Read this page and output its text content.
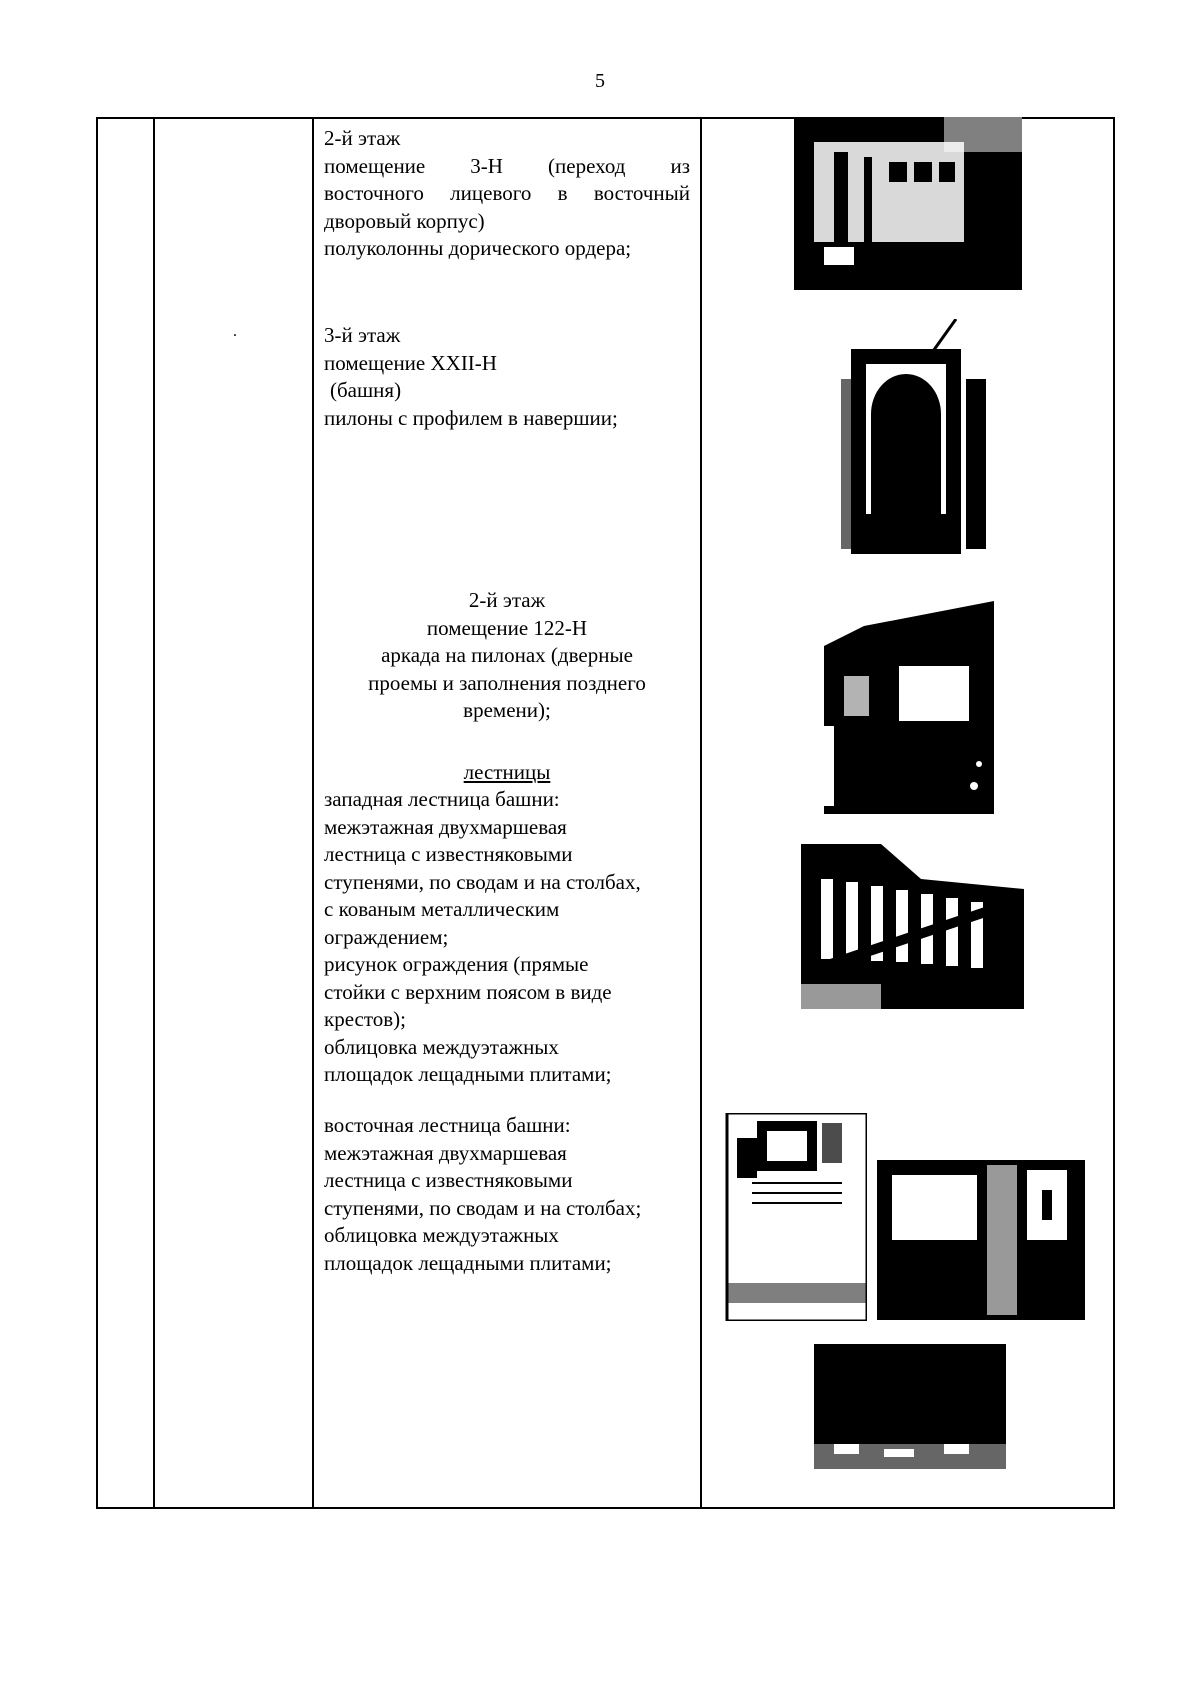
5
.
2-й этаж
помещение 3-Н (переход из
восточного лицевого в восточный
дворовый корпус)
полуколонны дорического ордера;
3-й этаж
помещение XXII-Н
(башня)
пилоны с профилем в навершии;
2-й этаж
помещение 122-Н
аркада на пилонах (дверные
проемы и заполнения позднего
времени);
лестницы
западная лестница башни:
межэтажная двухмаршевая
лестница с известняковыми
ступенями, по сводам и на столбах,
с кованым металлическим
ограждением;
рисунок ограждения (прямые
стойки с верхним поясом в виде
крестов);
облицовка междуэтажных
площадок лещадными плитами;
восточная лестница башни:
межэтажная двухмаршевая
лестница с известняковыми
ступенями, по сводам и на столбах;
облицовка междуэтажных
площадок лещадными плитами;
